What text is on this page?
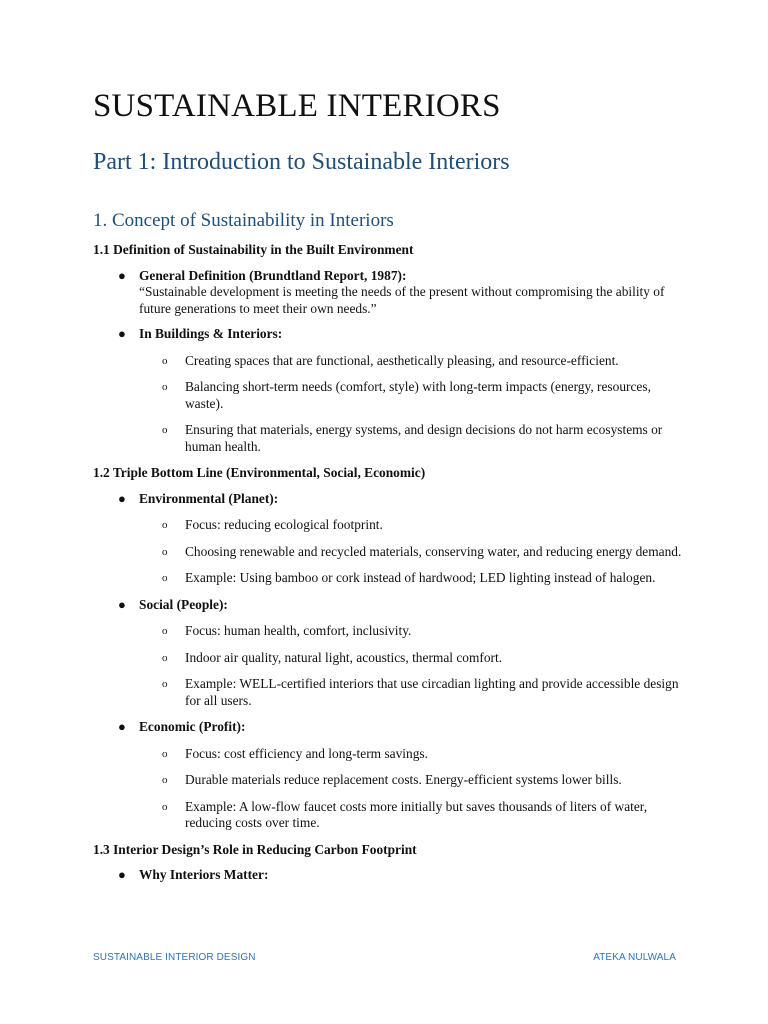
SUSTAINABLE INTERIORS
Part 1: Introduction to Sustainable Interiors
1. Concept of Sustainability in Interiors
1.1 Definition of Sustainability in the Built Environment
● General Definition (Brundtland Report, 1987):
“Sustainable development is meeting the needs of the present without compromising the ability of future generations to meet their own needs.”
● In Buildings & Interiors:
o Creating spaces that are functional, aesthetically pleasing, and resource-efficient.
o Balancing short-term needs (comfort, style) with long-term impacts (energy, resources, waste).
o Ensuring that materials, energy systems, and design decisions do not harm ecosystems or human health.
1.2 Triple Bottom Line (Environmental, Social, Economic)
● Environmental (Planet):
o Focus: reducing ecological footprint.
o Choosing renewable and recycled materials, conserving water, and reducing energy demand.
o Example: Using bamboo or cork instead of hardwood; LED lighting instead of halogen.
● Social (People):
o Focus: human health, comfort, inclusivity.
o Indoor air quality, natural light, acoustics, thermal comfort.
o Example: WELL-certified interiors that use circadian lighting and provide accessible design for all users.
● Economic (Profit):
o Focus: cost efficiency and long-term savings.
o Durable materials reduce replacement costs. Energy-efficient systems lower bills.
o Example: A low-flow faucet costs more initially but saves thousands of liters of water, reducing costs over time.
1.3 Interior Design’s Role in Reducing Carbon Footprint
● Why Interiors Matter:
SUSTAINABLE INTERIOR DESIGN	ATEKA NULWALA
